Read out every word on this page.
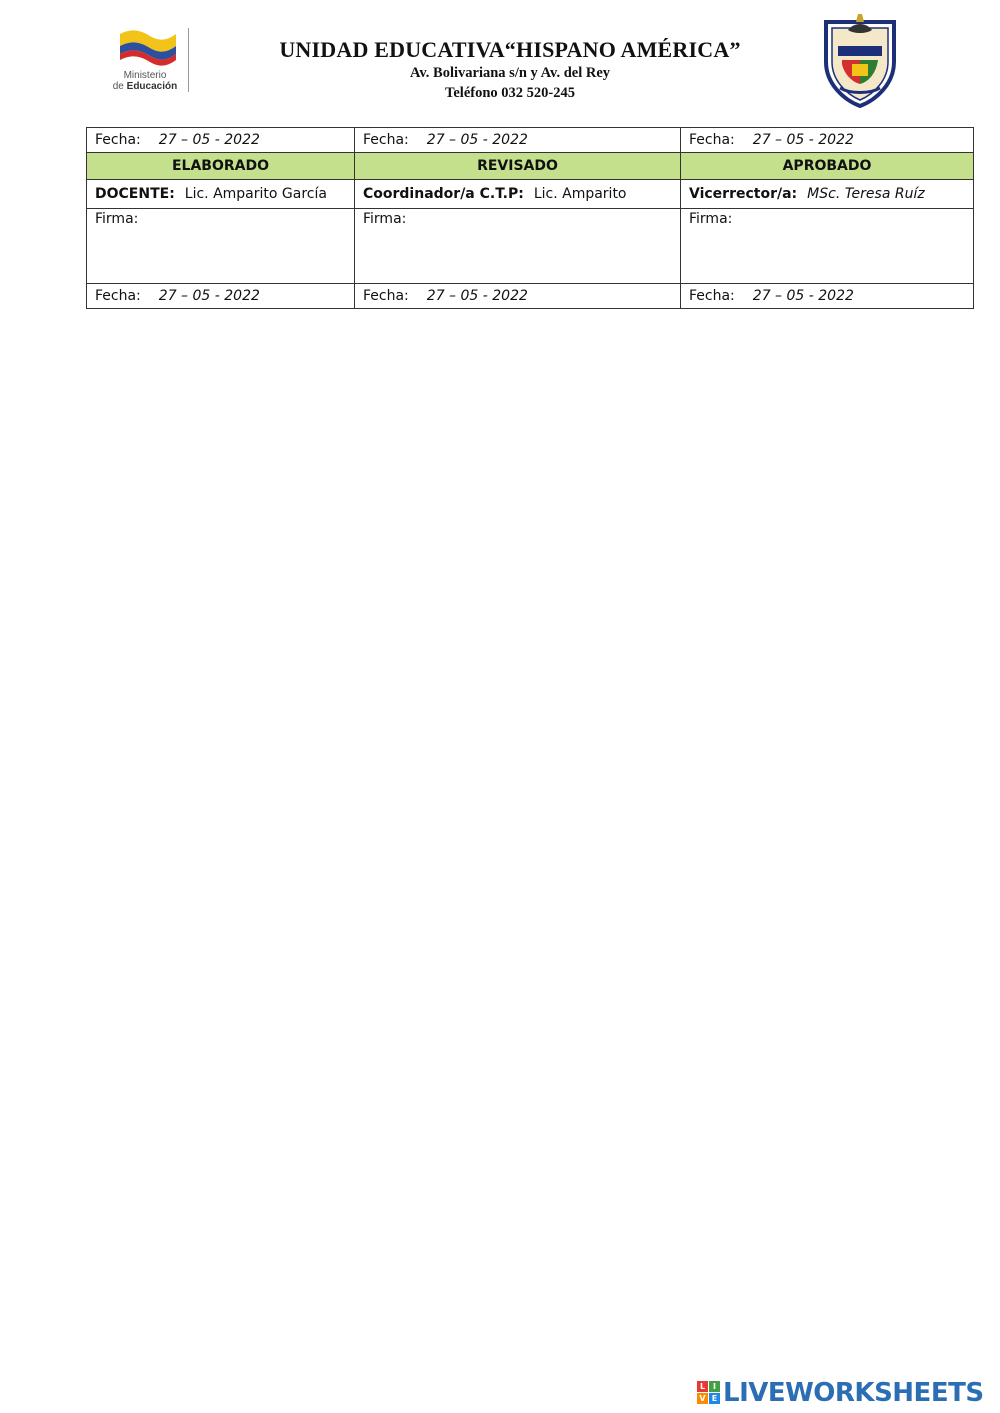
Ministerio
de Educación
UNIDAD EDUCATIVA“HISPANO AMÉRICA”
Av. Bolivariana s/n y Av. del Rey
Teléfono 032 520-245
Fecha: 27 – 05 - 2022	Fecha: 27 – 05 - 2022	Fecha: 27 – 05 - 2022
ELABORADO	REVISADO	APROBADO
DOCENTE: Lic. Amparito García	Coordinador/a C.T.P: Lic. Amparito	Vicerrector/a: MSc. Teresa Ruíz
Firma:	Firma:	Firma:
Fecha: 27 – 05 - 2022	Fecha: 27 – 05 - 2022	Fecha: 27 – 05 - 2022
L I
V E LIVEWORKSHEETS
